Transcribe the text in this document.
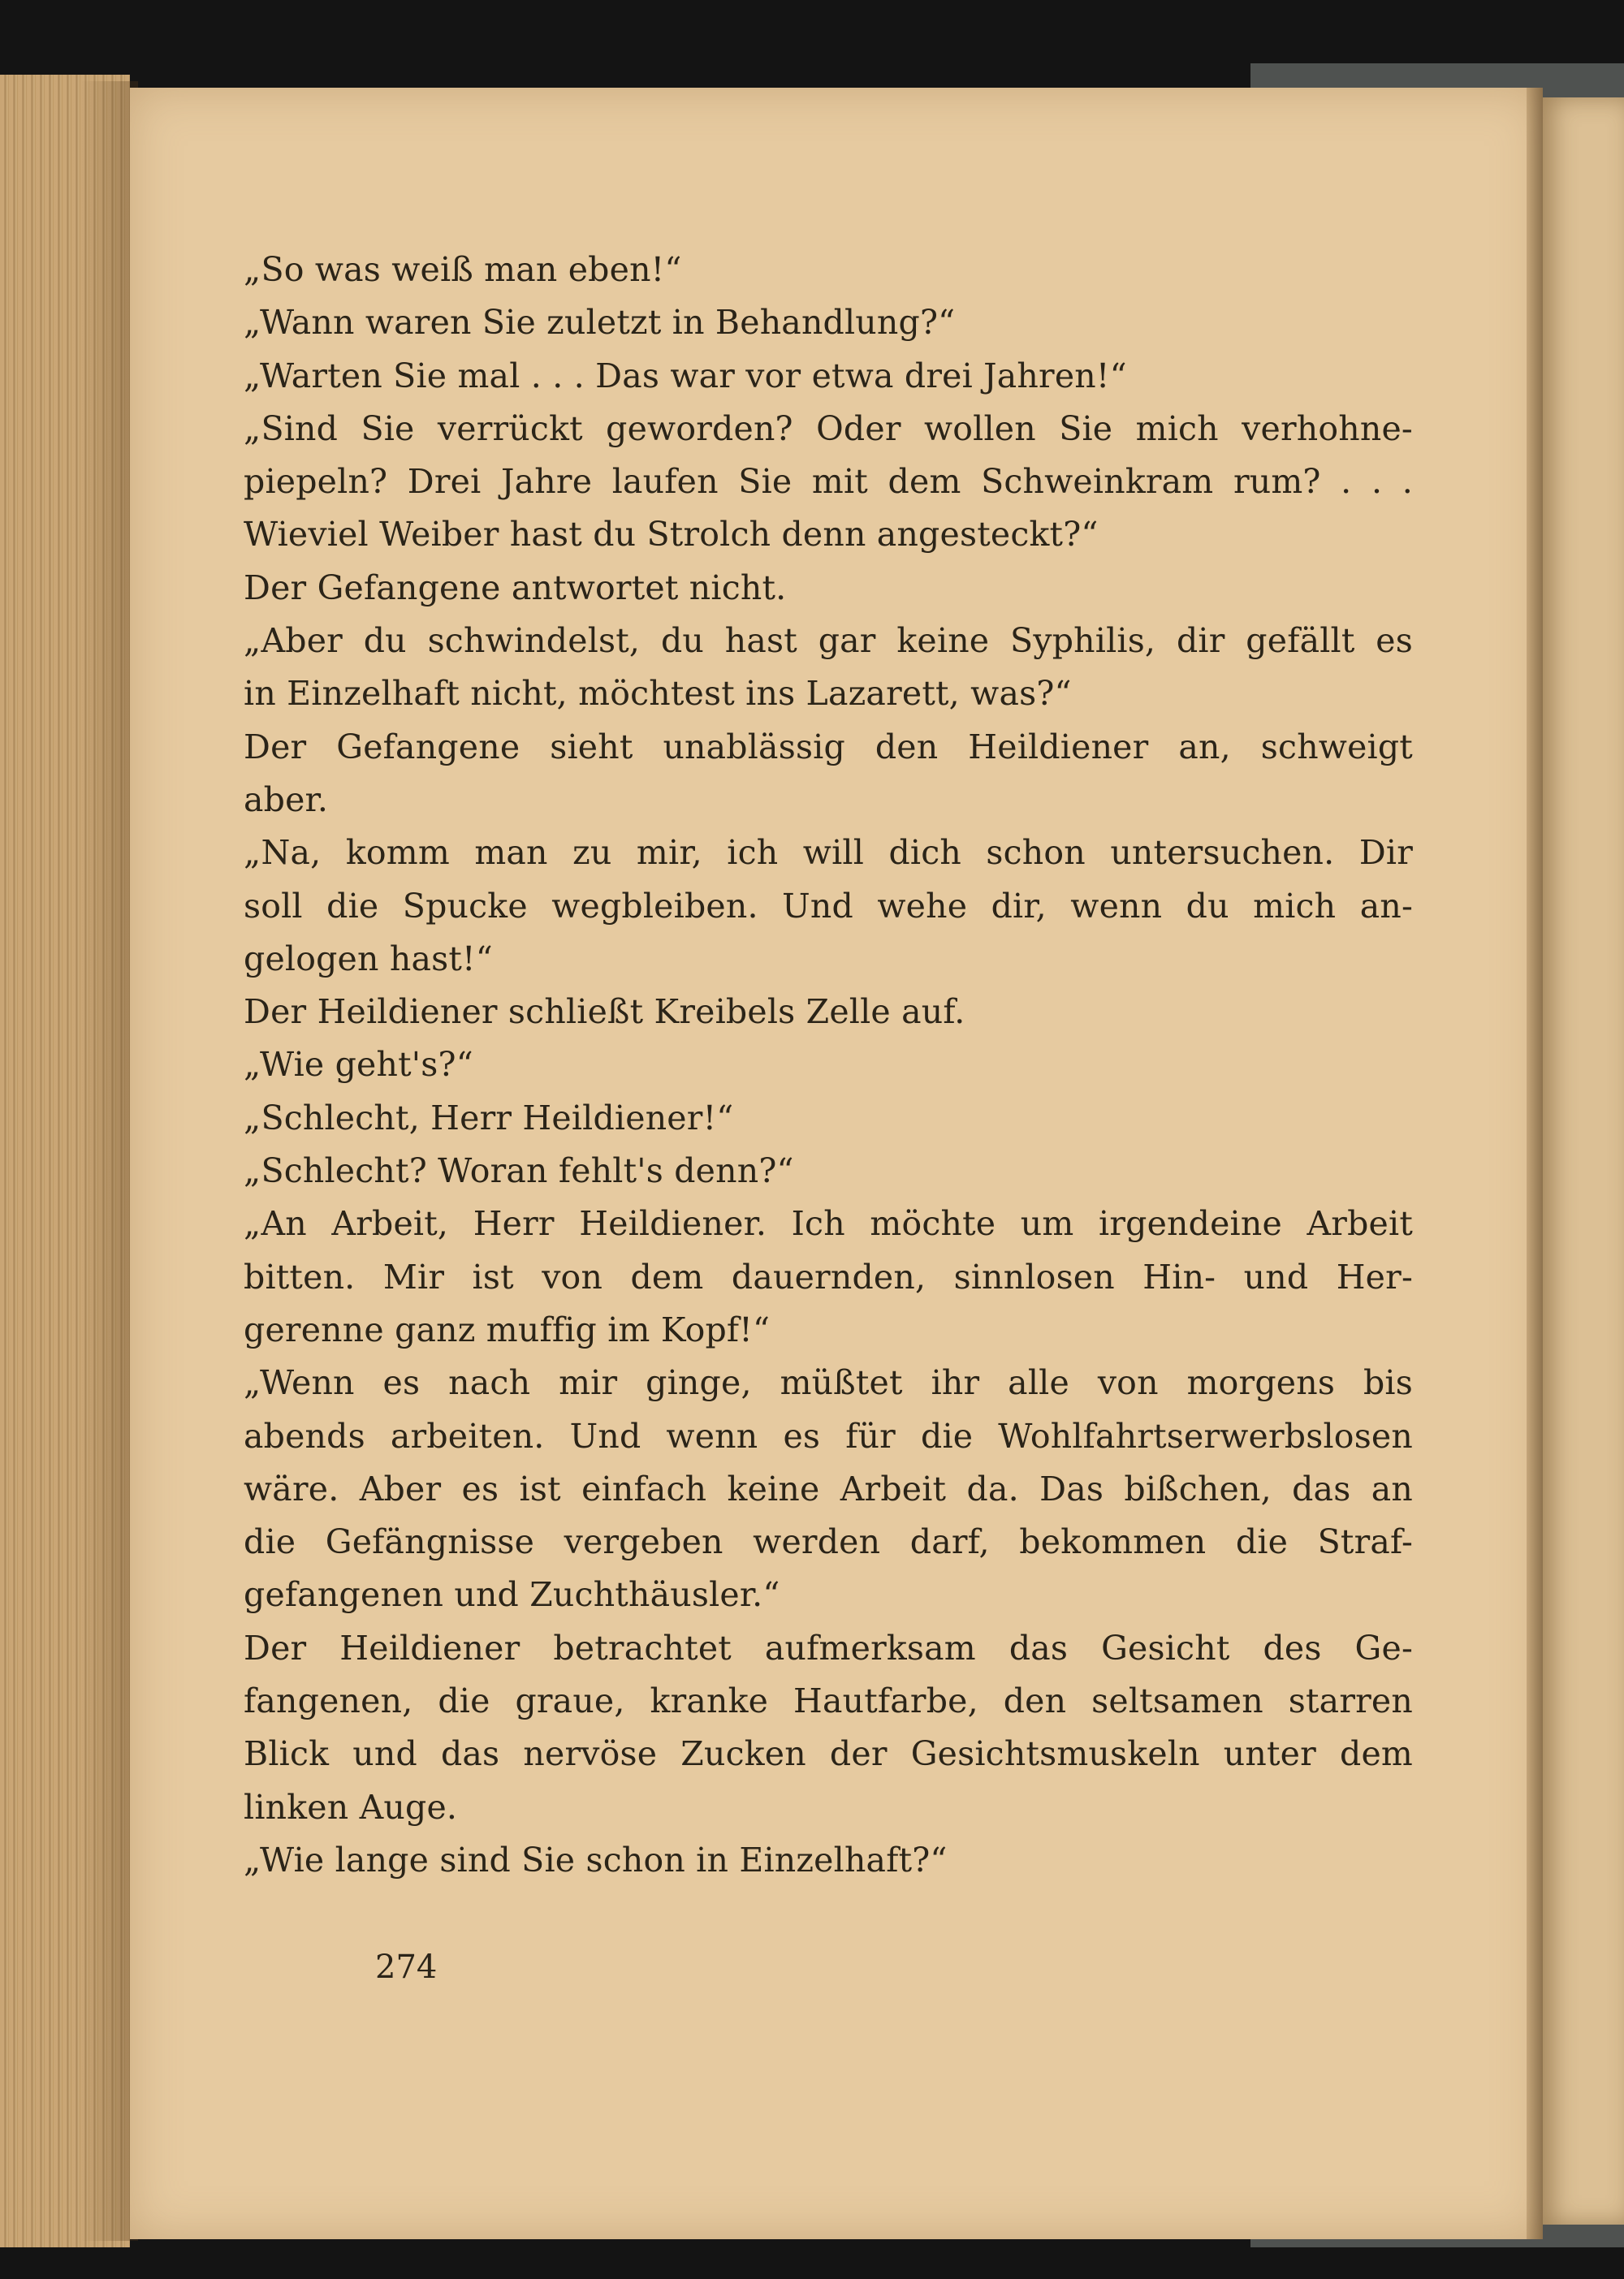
„So was weiß man eben!“
„Wann waren Sie zuletzt in Behandlung?“
„Warten Sie mal . . . Das war vor etwa drei Jahren!“
„Sind Sie verrückt geworden? Oder wollen Sie mich verhohne-
piepeln? Drei Jahre laufen Sie mit dem Schweinkram rum? . . .
Wieviel Weiber hast du Strolch denn angesteckt?“
Der Gefangene antwortet nicht.
„Aber du schwindelst, du hast gar keine Syphilis, dir gefällt es
in Einzelhaft nicht, möchtest ins Lazarett, was?“
Der Gefangene sieht unablässig den Heildiener an, schweigt
aber.
„Na, komm man zu mir, ich will dich schon untersuchen. Dir
soll die Spucke wegbleiben. Und wehe dir, wenn du mich an-
gelogen hast!“
Der Heildiener schließt Kreibels Zelle auf.
„Wie geht's?“
„Schlecht, Herr Heildiener!“
„Schlecht? Woran fehlt's denn?“
„An Arbeit, Herr Heildiener. Ich möchte um irgendeine Arbeit
bitten. Mir ist von dem dauernden, sinnlosen Hin- und Her-
gerenne ganz muffig im Kopf!“
„Wenn es nach mir ginge, müßtet ihr alle von morgens bis
abends arbeiten. Und wenn es für die Wohlfahrtserwerbslosen
wäre. Aber es ist einfach keine Arbeit da. Das bißchen, das an
die Gefängnisse vergeben werden darf, bekommen die Straf-
gefangenen und Zuchthäusler.“
Der Heildiener betrachtet aufmerksam das Gesicht des Ge-
fangenen, die graue, kranke Hautfarbe, den seltsamen starren
Blick und das nervöse Zucken der Gesichtsmuskeln unter dem
linken Auge.
„Wie lange sind Sie schon in Einzelhaft?“
274
